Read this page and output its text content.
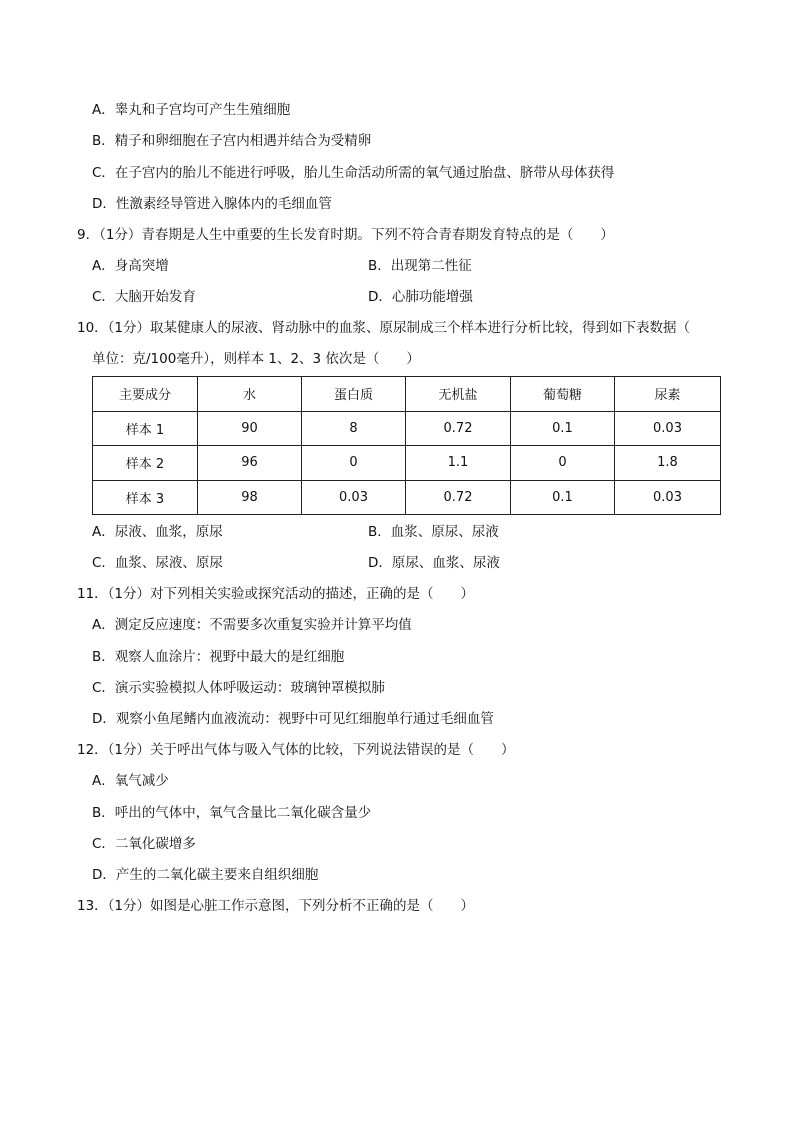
A．睾丸和子宫均可产生生殖细胞
B．精子和卵细胞在子宫内相遇并结合为受精卵
C．在子宫内的胎儿不能进行呼吸，胎儿生命活动所需的氧气通过胎盘、脐带从母体获得
D．性激素经导管进入腺体内的毛细血管
9．（1分）青春期是人生中重要的生长发育时期。下列不符合青春期发育特点的是（　　）
A．身高突增	B．出现第二性征
C．大脑开始发育	D．心肺功能增强
10．（1分）取某健康人的尿液、肾动脉中的血浆、原尿制成三个样本进行分析比较，得到如下表数据（
单位：克/100毫升），则样本 1、2、3 依次是（　　）
主要成分	水	蛋白质	无机盐	葡萄糖	尿素
样本 1	90	8	0.72	0.1	0.03
样本 2	96	0	1.1	0	1.8
样本 3	98	0.03	0.72	0.1	0.03
A．尿液、血浆，原尿	B．血浆、原尿、尿液
C．血浆、尿液、原尿	D．原尿、血浆、尿液
11．（1分）对下列相关实验或探究活动的描述，正确的是（　　）
A．测定反应速度：不需要多次重复实验并计算平均值
B．观察人血涂片：视野中最大的是红细胞
C．演示实验模拟人体呼吸运动：玻璃钟罩模拟肺
D．观察小鱼尾鳍内血液流动：视野中可见红细胞单行通过毛细血管
12．（1分）关于呼出气体与吸入气体的比较，下列说法错误的是（　　）
A．氧气减少
B．呼出的气体中，氧气含量比二氧化碳含量少
C．二氧化碳增多
D．产生的二氧化碳主要来自组织细胞
13．（1分）如图是心脏工作示意图，下列分析不正确的是（　　）
